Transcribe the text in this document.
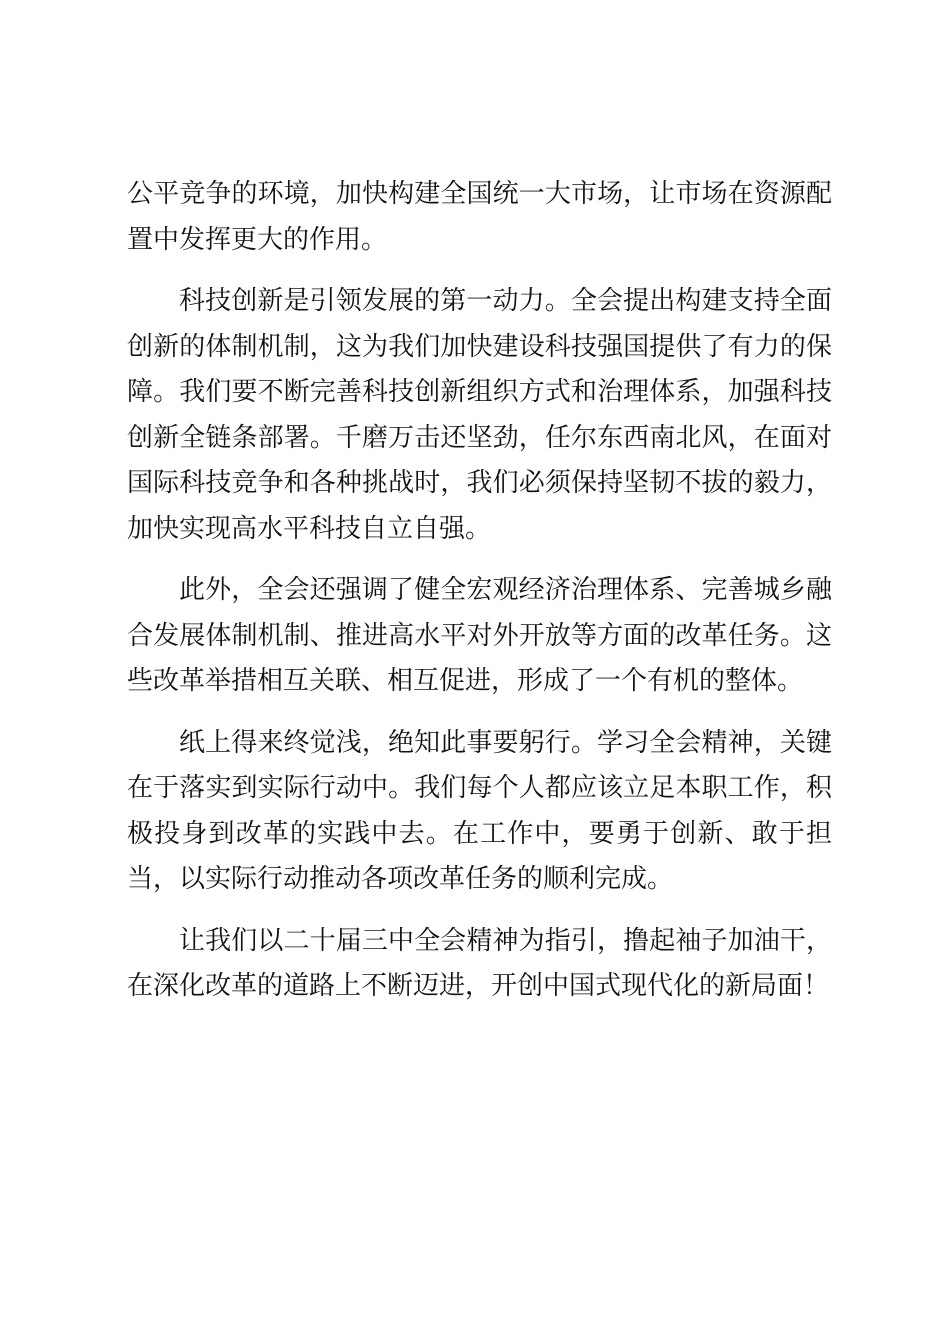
公平竞争的环境，加快构建全国统一大市场，让市场在资源配置中发挥更大的作用。

科技创新是引领发展的第一动力。全会提出构建支持全面创新的体制机制，这为我们加快建设科技强国提供了有力的保障。我们要不断完善科技创新组织方式和治理体系，加强科技创新全链条部署。千磨万击还坚劲，任尔东西南北风，在面对国际科技竞争和各种挑战时，我们必须保持坚韧不拔的毅力，加快实现高水平科技自立自强。

此外，全会还强调了健全宏观经济治理体系、完善城乡融合发展体制机制、推进高水平对外开放等方面的改革任务。这些改革举措相互关联、相互促进，形成了一个有机的整体。

纸上得来终觉浅，绝知此事要躬行。学习全会精神，关键在于落实到实际行动中。我们每个人都应该立足本职工作，积极投身到改革的实践中去。在工作中，要勇于创新、敢于担当，以实际行动推动各项改革任务的顺利完成。

让我们以二十届三中全会精神为指引，撸起袖子加油干，在深化改革的道路上不断迈进，开创中国式现代化的新局面！
